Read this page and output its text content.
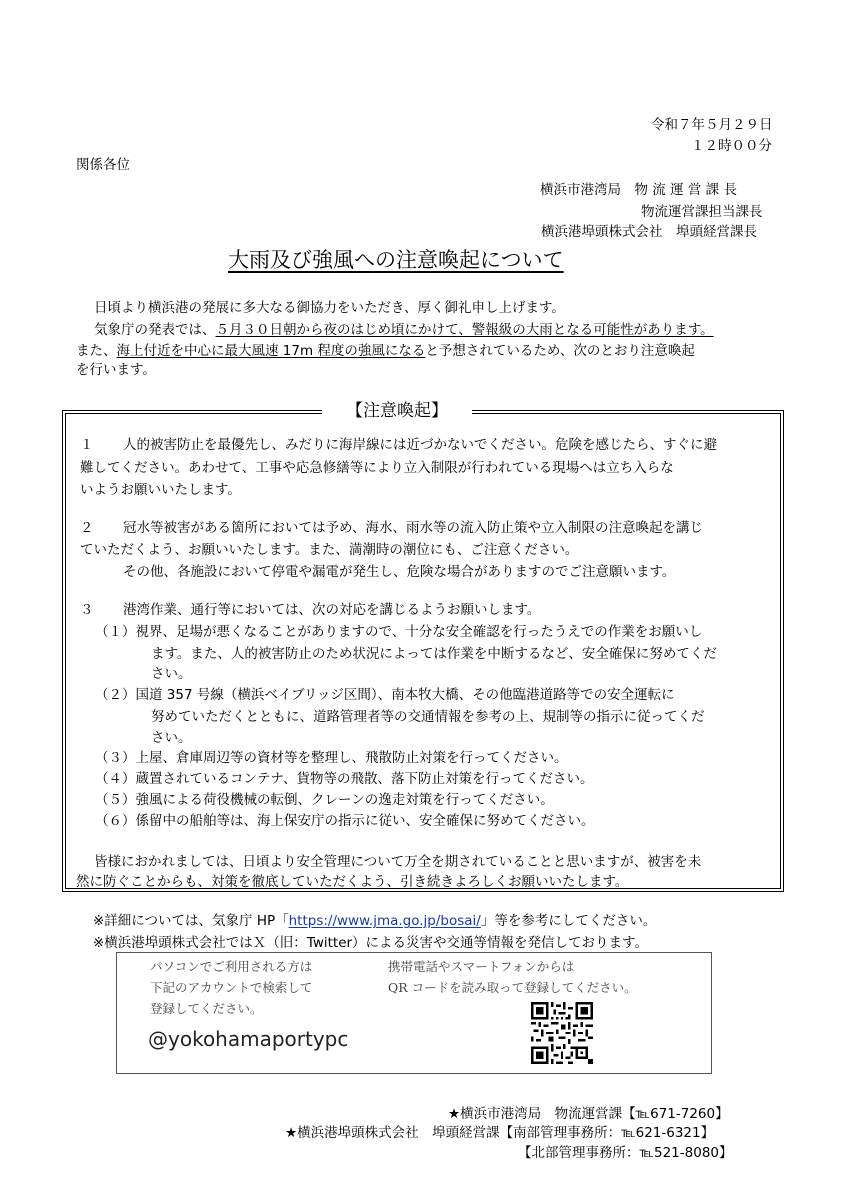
令和７年５月２９日
１２時００分
関係各位
横浜市港湾局　物 流 運 営 課 長
物流運営課担当課長
横浜港埠頭株式会社　埠頭経営課長
大雨及び強風への注意喚起について
日頃より横浜港の発展に多大なる御協力をいただき、厚く御礼申し上げます。
気象庁の発表では、５月３０日朝から夜のはじめ頃にかけて、警報級の大雨となる可能性があります。
また、海上付近を中心に最大風速 17m 程度の強風になると予想されているため、次のとおり注意喚起
を行います。
【注意喚起】
１ 人的被害防止を最優先し、みだりに海岸線には近づかないでください。危険を感じたら、すぐに避
難してください。あわせて、工事や応急修繕等により立入制限が行われている現場へは立ち入らな
いようお願いいたします。
２ 冠水等被害がある箇所においては予め、海水、雨水等の流入防止策や立入制限の注意喚起を講じ
ていただくよう、お願いいたします。また、満潮時の潮位にも、ご注意ください。
その他、各施設において停電や漏電が発生し、危険な場合がありますのでご注意願います。
３ 港湾作業、通行等においては、次の対応を講じるようお願いします。
（１）視界、足場が悪くなることがありますので、十分な安全確認を行ったうえでの作業をお願いし
ます。また、人的被害防止のため状況によっては作業を中断するなど、安全確保に努めてくだ
さい。
（２）国道 357 号線（横浜ベイブリッジ区間）、南本牧大橋、その他臨港道路等での安全運転に
努めていただくとともに、道路管理者等の交通情報を参考の上、規制等の指示に従ってくだ
さい。
（３）上屋、倉庫周辺等の資材等を整理し、飛散防止対策を行ってください。
（４）蔵置されているコンテナ、貨物等の飛散、落下防止対策を行ってください。
（５）強風による荷役機械の転倒、クレーンの逸走対策を行ってください。
（６）係留中の船舶等は、海上保安庁の指示に従い、安全確保に努めてください。
皆様におかれましては、日頃より安全管理について万全を期されていることと思いますが、被害を未
然に防ぐことからも、対策を徹底していただくよう、引き続きよろしくお願いいたします。
※詳細については、気象庁 HP「https://www.jma.go.jp/bosai/」等を参考にしてください。
※横浜港埠頭株式会社ではＸ（旧：Twitter）による災害や交通等情報を発信しております。
パソコンでご利用される方は
下記のアカウントで検索して
登録してください。
@yokohamaportypc
携帯電話やスマートフォンからは
QR コードを読み取って登録してください。
★横浜市港湾局　物流運営課【℡671-7260】
★横浜港埠頭株式会社　埠頭経営課【南部管理事務所：℡621-6321】
【北部管理事務所：℡521-8080】
